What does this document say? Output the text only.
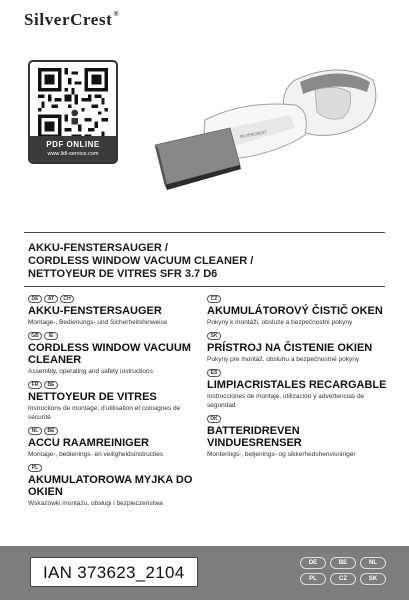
SilverCrest®
PDF ONLINE
www.lidl-service.com
SILVERCREST
AKKU-FENSTERSAUGER /
CORDLESS WINDOW VACUUM CLEANER /
NETTOYEUR DE VITRES SFR 3.7 D6
DE	AT	CH
AKKU-FENSTERSAUGER
Montage-, Bedienungs- und Sicherheitshinweise
GB	IE
CORDLESS WINDOW VACUUM CLEANER
Assembly, operating and safety instructions
FR	BE
NETTOYEUR DE VITRES
Instructions de montage, d'utilisation et consignes de sécurité
NL	BE
ACCU RAAMREINIGER
Montage-, bedienings- en veiligheidsinstructies
PL
AKUMULATOROWA MYJKA DO OKIEN
Wskazówki montażu, obsługi i bezpieczeństwa
CZ
AKUMULÁTOROVÝ ČISTIČ OKEN
Pokyny k montáži, obsluze a bezpečnostní pokyny
SK
PRÍSTROJ NA ČISTENIE OKIEN
Pokyny pre montáž, obsluhu a bezpečnostné pokyny
ES
LIMPIACRISTALES RECARGABLE
Instrucciones de montaje, utilización y advertencias de seguridad
DK
BATTERIDREVEN VINDUESRENSER
Monterings-, betjenings- og sikkerhedshenvisninger
IAN 373623_2104	DE	BE	NL
PL	CZ	SK
